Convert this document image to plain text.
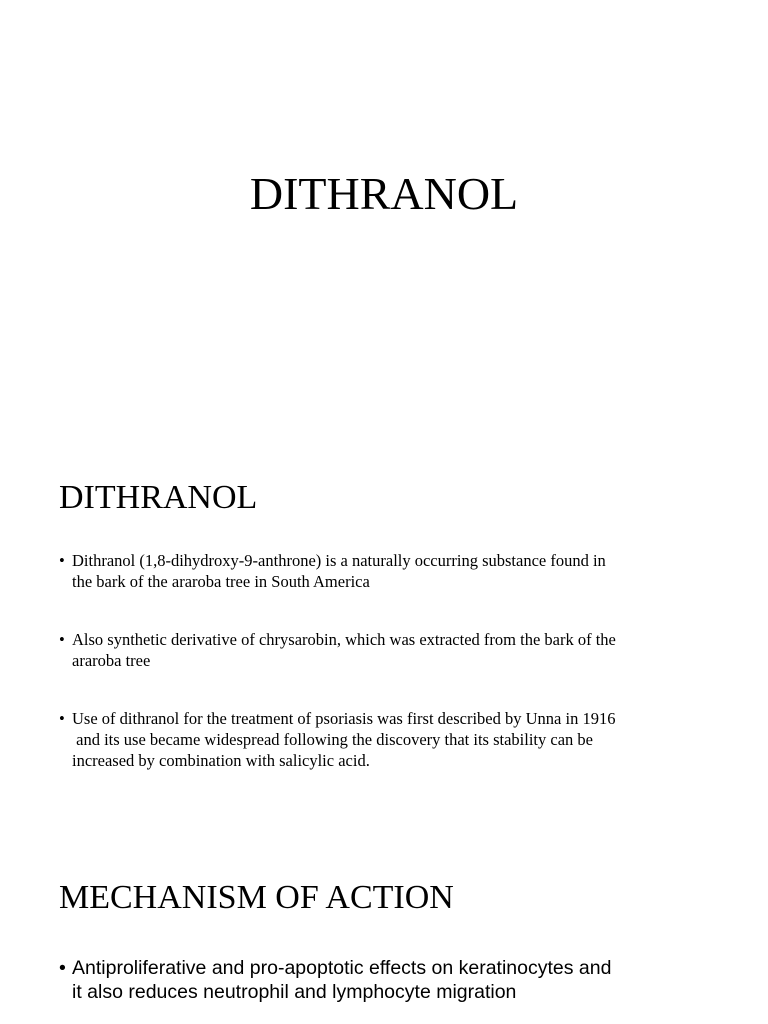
DITHRANOL
DITHRANOL
• Dithranol (1,8-dihydroxy-9-anthrone) is a naturally occurring substance found in
the bark of the araroba tree in South America
• Also synthetic derivative of chrysarobin, which was extracted from the bark of the
araroba tree
• Use of dithranol for the treatment of psoriasis was first described by Unna in 1916
and its use became widespread following the discovery that its stability can be
increased by combination with salicylic acid.
MECHANISM OF ACTION
• Antiproliferative and pro-apoptotic effects on keratinocytes and
it also reduces neutrophil and lymphocyte migration
